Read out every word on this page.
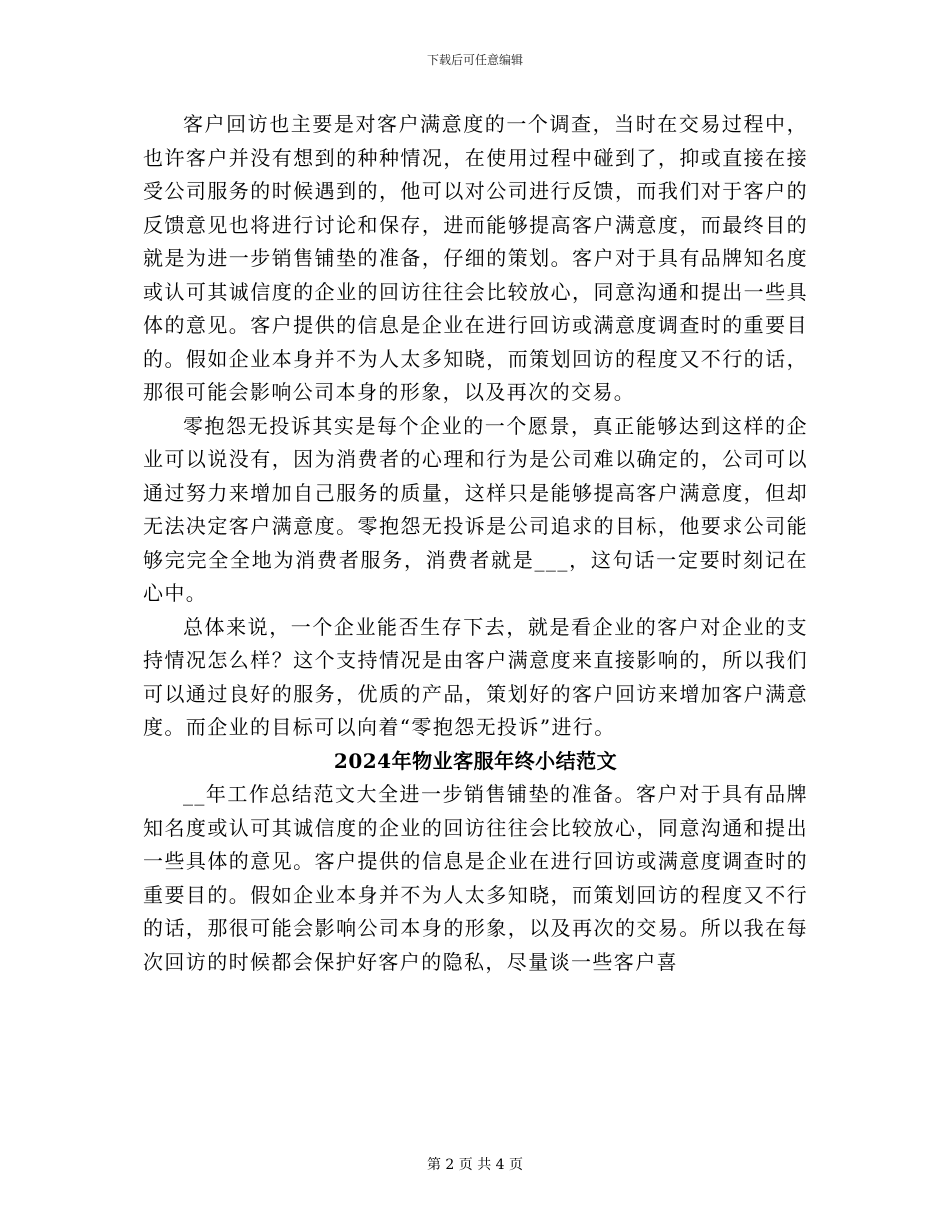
下载后可任意编辑

客户回访也主要是对客户满意度的一个调查，当时在交易过程中，也许客户并没有想到的种种情况，在使用过程中碰到了，抑或直接在接受公司服务的时候遇到的，他可以对公司进行反馈，而我们对于客户的反馈意见也将进行讨论和保存，进而能够提高客户满意度，而最终目的就是为进一步销售铺垫的准备，仔细的策划。客户对于具有品牌知名度或认可其诚信度的企业的回访往往会比较放心，同意沟通和提出一些具体的意见。客户提供的信息是企业在进行回访或满意度调查时的重要目的。假如企业本身并不为人太多知晓，而策划回访的程度又不行的话，那很可能会影响公司本身的形象，以及再次的交易。

零抱怨无投诉其实是每个企业的一个愿景，真正能够达到这样的企业可以说没有，因为消费者的心理和行为是公司难以确定的，公司可以通过努力来增加自己服务的质量，这样只是能够提高客户满意度，但却无法决定客户满意度。零抱怨无投诉是公司追求的目标，他要求公司能够完完全全地为消费者服务，消费者就是___，这句话一定要时刻记在心中。

总体来说，一个企业能否生存下去，就是看企业的客户对企业的支持情况怎么样？这个支持情况是由客户满意度来直接影响的，所以我们可以通过良好的服务，优质的产品，策划好的客户回访来增加客户满意度。而企业的目标可以向着“零抱怨无投诉”进行。

2024年物业客服年终小结范文

__年工作总结范文大全进一步销售铺垫的准备。客户对于具有品牌知名度或认可其诚信度的企业的回访往往会比较放心，同意沟通和提出一些具体的意见。客户提供的信息是企业在进行回访或满意度调查时的重要目的。假如企业本身并不为人太多知晓，而策划回访的程度又不行的话，那很可能会影响公司本身的形象，以及再次的交易。所以我在每次回访的时候都会保护好客户的隐私，尽量谈一些客户喜

第 2 页 共 4 页
